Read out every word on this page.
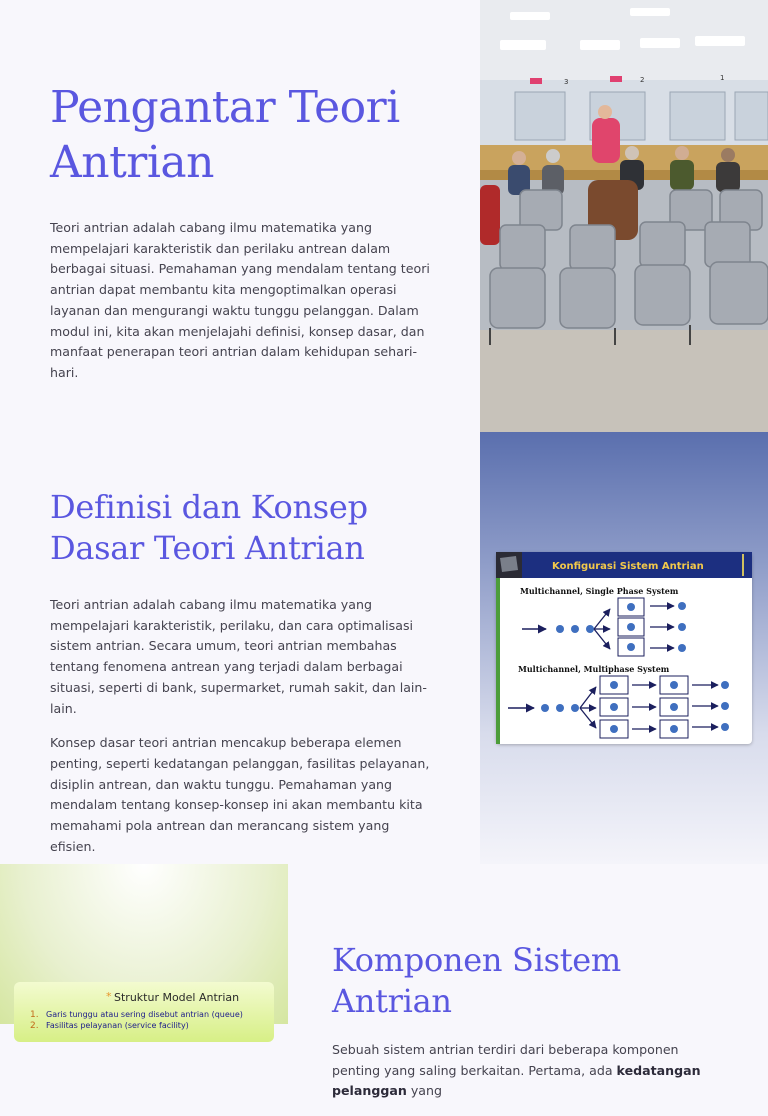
Pengantar Teori Antrian

Teori antrian adalah cabang ilmu matematika yang mempelajari karakteristik dan perilaku antrean dalam berbagai situasi. Pemahaman yang mendalam tentang teori antrian dapat membantu kita mengoptimalkan operasi layanan dan mengurangi waktu tunggu pelanggan. Dalam modul ini, kita akan menjelajahi definisi, konsep dasar, dan manfaat penerapan teori antrian dalam kehidupan sehari-hari.

3	2	1
Definisi dan Konsep Dasar Teori Antrian

Teori antrian adalah cabang ilmu matematika yang mempelajari karakteristik, perilaku, dan cara optimalisasi sistem antrian. Secara umum, teori antrian membahas tentang fenomena antrean yang terjadi dalam berbagai situasi, seperti di bank, supermarket, rumah sakit, dan lain-lain.

Konsep dasar teori antrian mencakup beberapa elemen penting, seperti kedatangan pelanggan, fasilitas pelayanan, disiplin antrean, dan waktu tunggu. Pemahaman yang mendalam tentang konsep-konsep ini akan membantu kita memahami pola antrean dan merancang sistem yang efisien.

Konfigurasi Sistem Antrian
Multichannel, Single Phase System
Multichannel, Multiphase System
* Struktur Model Antrian
1. Garis tunggu atau sering disebut antrian (queue)
2. Fasilitas pelayanan (service facility)
Komponen Sistem Antrian

Sebuah sistem antrian terdiri dari beberapa komponen penting yang saling berkaitan. Pertama, ada kedatangan pelanggan yang
